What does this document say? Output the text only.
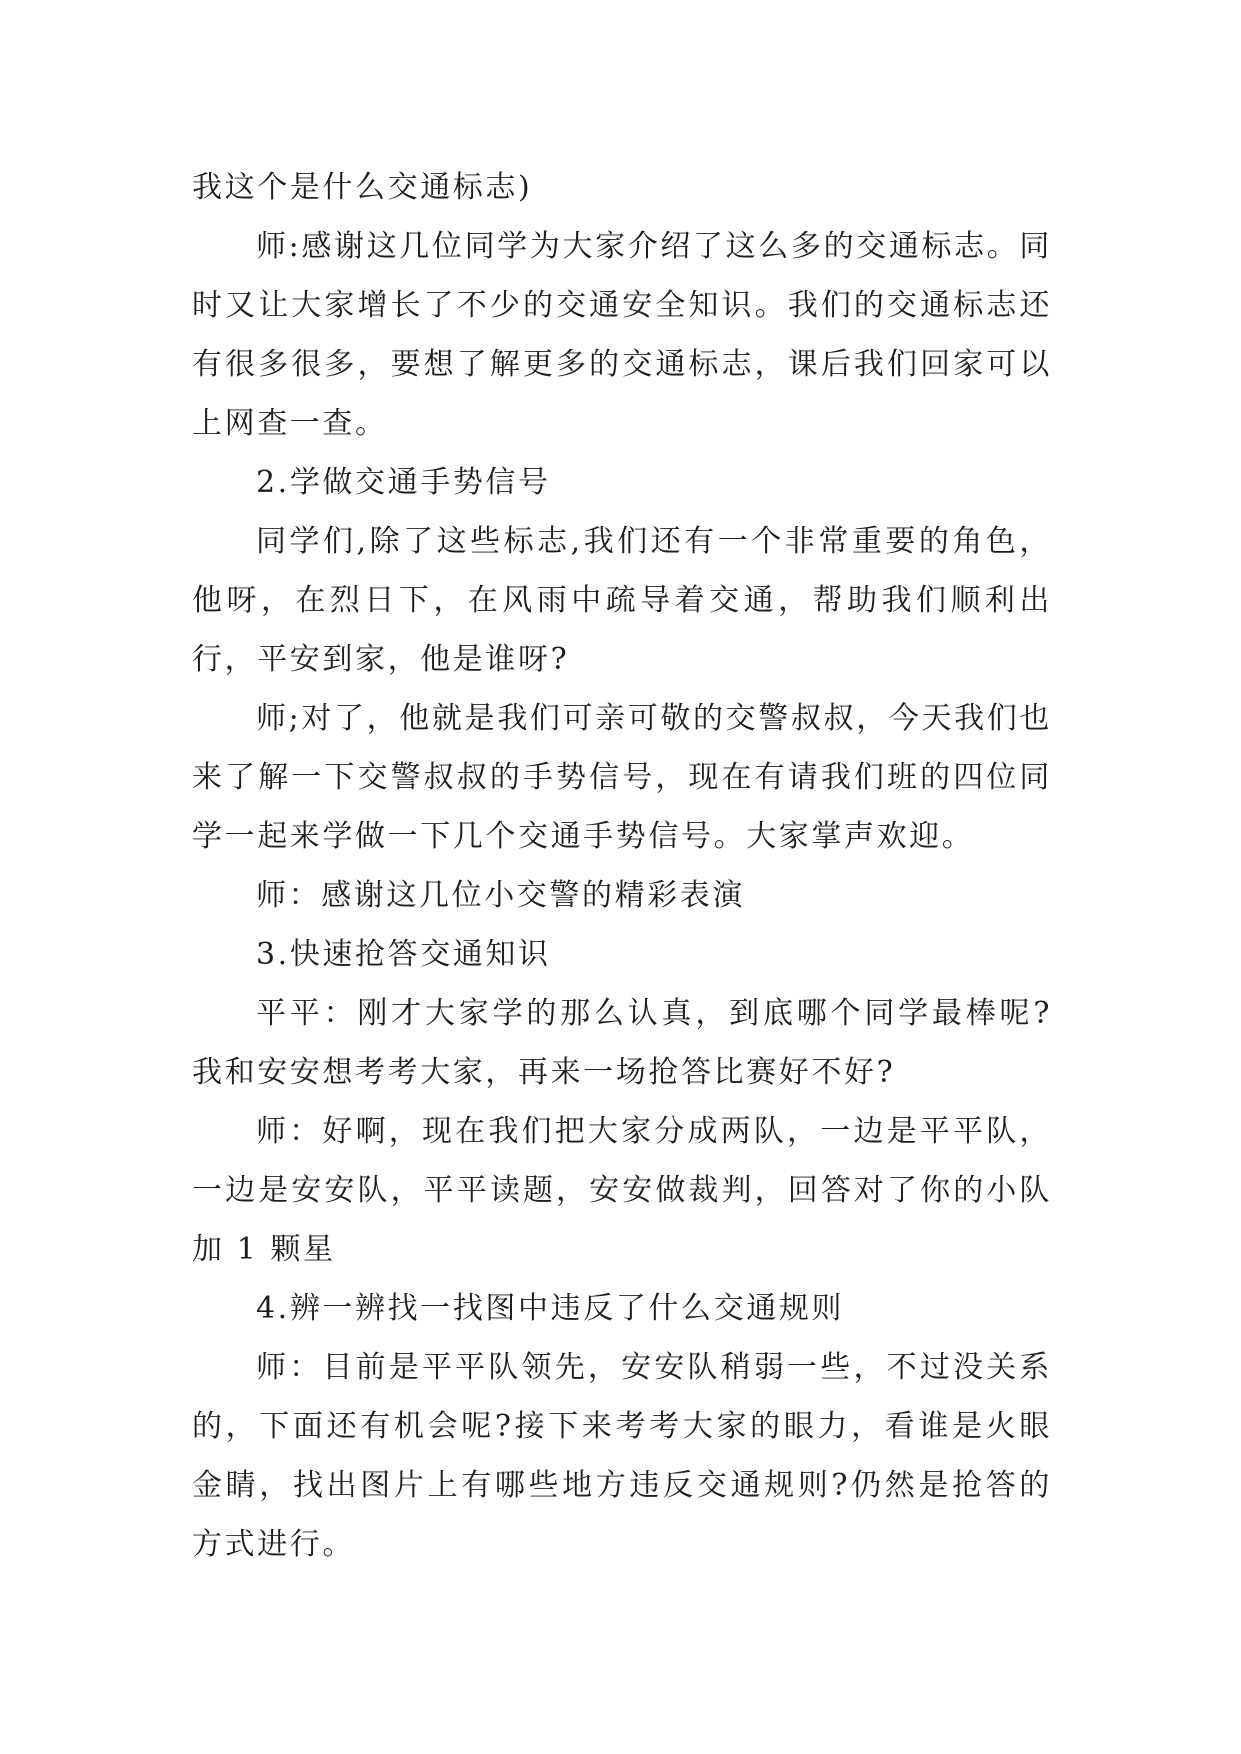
我这个是什么交通标志)

师:感谢这几位同学为大家介绍了这么多的交通标志。同时又让大家增长了不少的交通安全知识。我们的交通标志还有很多很多，要想了解更多的交通标志，课后我们回家可以上网查一查。

2.学做交通手势信号

同学们,除了这些标志,我们还有一个非常重要的角色，他呀，在烈日下，在风雨中疏导着交通，帮助我们顺利出行，平安到家，他是谁呀?

师;对了，他就是我们可亲可敬的交警叔叔，今天我们也来了解一下交警叔叔的手势信号，现在有请我们班的四位同学一起来学做一下几个交通手势信号。大家掌声欢迎。

师：感谢这几位小交警的精彩表演

3.快速抢答交通知识

平平：刚才大家学的那么认真，到底哪个同学最棒呢?我和安安想考考大家，再来一场抢答比赛好不好?

师：好啊，现在我们把大家分成两队，一边是平平队，一边是安安队，平平读题，安安做裁判，回答对了你的小队加 1 颗星

4.辨一辨找一找图中违反了什么交通规则

师：目前是平平队领先，安安队稍弱一些，不过没关系的，下面还有机会呢?接下来考考大家的眼力，看谁是火眼金睛，找出图片上有哪些地方违反交通规则?仍然是抢答的方式进行。
